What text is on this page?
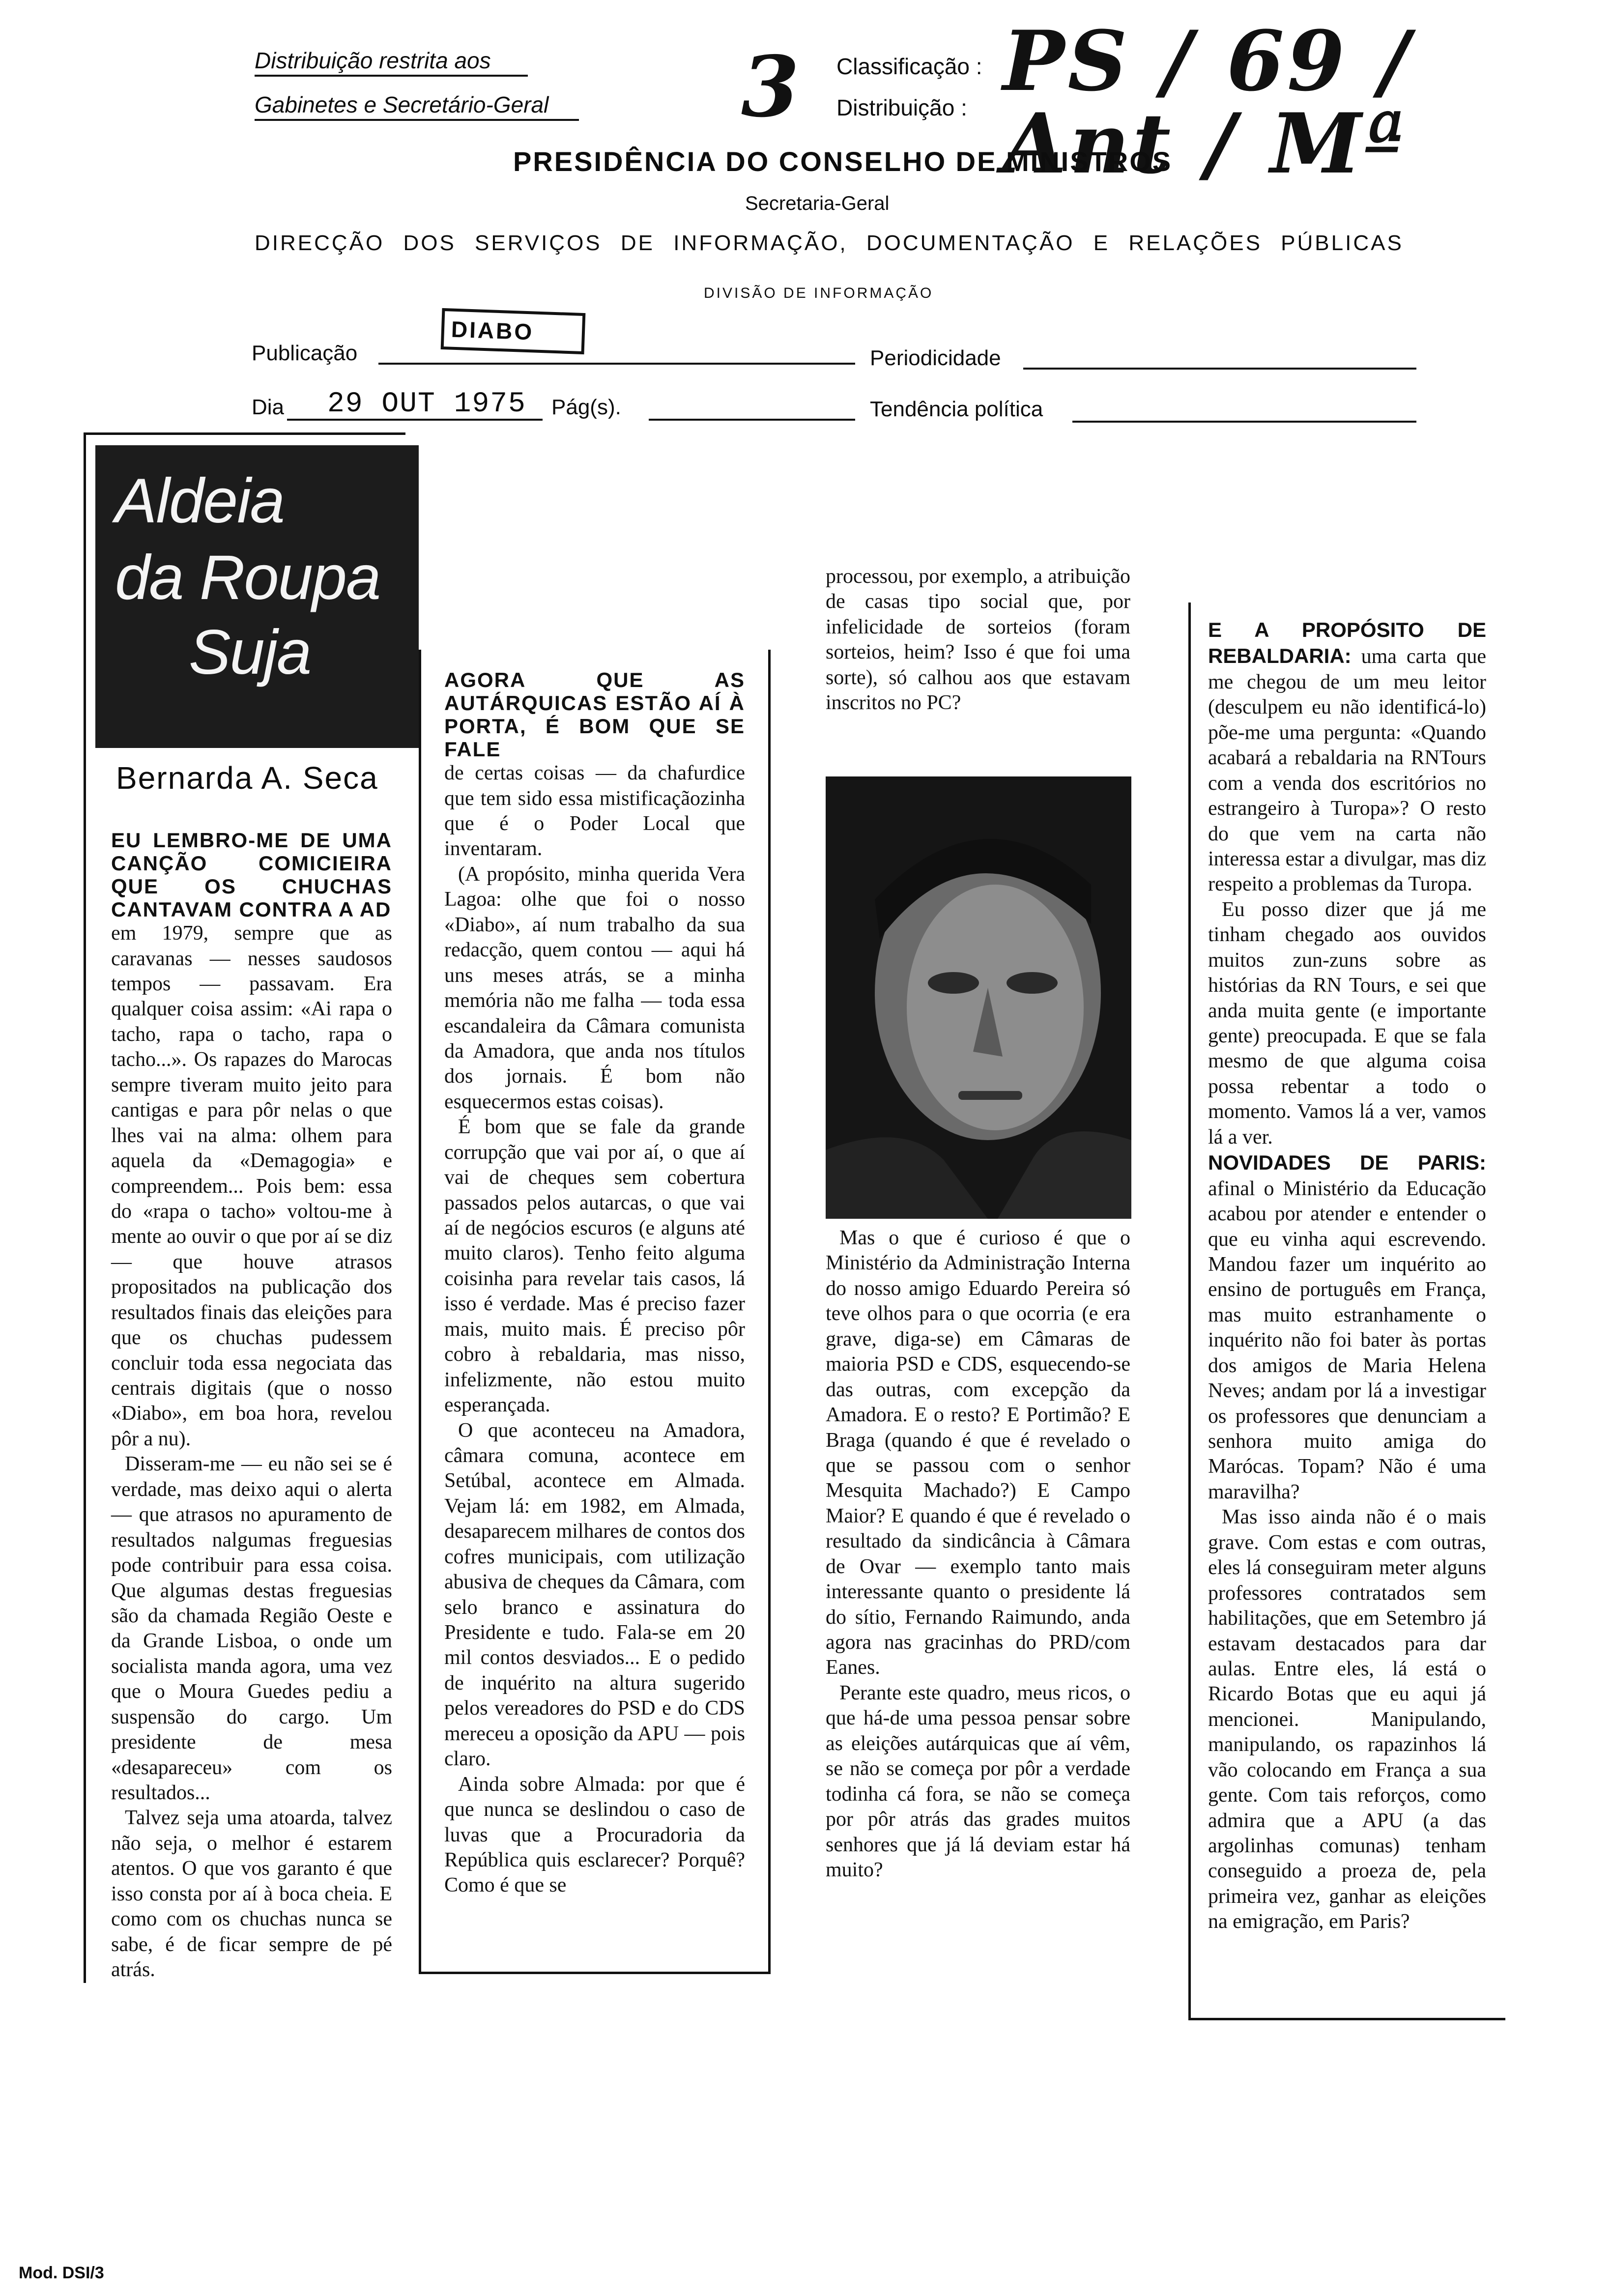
Distribuição restrita aos
Gabinetes e Secretário-Geral 3 Classificação :
Distribuição : PS / 69 / Ant / Mª
PRESIDÊNCIA DO CONSELHO DE MINISTROS
Secretaria-Geral
DIRECÇÃO DOS SERVIÇOS DE INFORMAÇÃO, DOCUMENTAÇÃO E RELAÇÕES PÚBLICAS
DIVISÃO DE INFORMAÇÃO
Publicação
DIABO
Periodicidade
Dia 29 OUT 1975 Pág(s).	Tendência política
Aldeia
da Roupa
Suja
Bernarda A. Seca

EU LEMBRO-ME DE UMA CANÇÃO COMICIEIRA QUE OS CHUCHAS CANTAVAM CONTRA A AD

em 1979, sempre que as caravanas — nesses saudosos tempos — passavam. Era qualquer coisa assim: «Ai rapa o tacho, rapa o tacho, rapa o tacho...». Os rapazes do Marocas sempre tiveram muito jeito para cantigas e para pôr nelas o que lhes vai na alma: olhem para aquela da «Demagogia» e compreendem... Pois bem: essa do «rapa o tacho» voltou-me à mente ao ouvir o que por aí se diz — que houve atrasos propositados na publicação dos resultados finais das eleições para que os chuchas pudessem concluir toda essa negociata das centrais digitais (que o nosso «Diabo», em boa hora, revelou pôr a nu).

Disseram-me — eu não sei se é verdade, mas deixo aqui o alerta — que atrasos no apuramento de resultados nalgumas freguesias pode contribuir para essa coisa. Que algumas destas freguesias são da chamada Região Oeste e da Grande Lisboa, o onde um socialista manda agora, uma vez que o Moura Guedes pediu a suspensão do cargo. Um presidente de mesa «desapareceu» com os resultados...

Talvez seja uma atoarda, talvez não seja, o melhor é estarem atentos. O que vos garanto é que isso consta por aí à boca cheia. E como com os chuchas nunca se sabe, é de ficar sempre de pé atrás.

AGORA QUE AS AUTÁRQUICAS ESTÃO AÍ À PORTA, É BOM QUE SE FALE

de certas coisas — da chafurdice que tem sido essa mistificaçãozinha que é o Poder Local que inventaram.

(A propósito, minha querida Vera Lagoa: olhe que foi o nosso «Diabo», aí num trabalho da sua redacção, quem contou — aqui há uns meses atrás, se a minha memória não me falha — toda essa escandaleira da Câmara comunista da Amadora, que anda nos títulos dos jornais. É bom não esquecermos estas coisas).

É bom que se fale da grande corrupção que vai por aí, o que aí vai de cheques sem cobertura passados pelos autarcas, o que vai aí de negócios escuros (e alguns até muito claros). Tenho feito alguma coisinha para revelar tais casos, lá isso é verdade. Mas é preciso fazer mais, muito mais. É preciso pôr cobro à rebaldaria, mas nisso, infelizmente, não estou muito esperançada.

O que aconteceu na Amadora, câmara comuna, acontece em Setúbal, acontece em Almada. Vejam lá: em 1982, em Almada, desaparecem milhares de contos dos cofres municipais, com utilização abusiva de cheques da Câmara, com selo branco e assinatura do Presidente e tudo. Fala-se em 20 mil contos desviados... E o pedido de inquérito na altura sugerido pelos vereadores do PSD e do CDS mereceu a oposição da APU — pois claro.

Ainda sobre Almada: por que é que nunca se deslindou o caso de luvas que a Procuradoria da República quis esclarecer? Porquê? Como é que se

processou, por exemplo, a atribuição de casas tipo social que, por infelicidade de sorteios (foram sorteios, heim? Isso é que foi uma sorte), só calhou aos que estavam inscritos no PC?

Mas o que é curioso é que o Ministério da Administração Interna do nosso amigo Eduardo Pereira só teve olhos para o que ocorria (e era grave, diga-se) em Câmaras de maioria PSD e CDS, esquecendo-se das outras, com excepção da Amadora. E o resto? E Portimão? E Braga (quando é que é revelado o que se passou com o senhor Mesquita Machado?) E Campo Maior? E quando é que é revelado o resultado da sindicância à Câmara de Ovar — exemplo tanto mais interessante quanto o presidente lá do sítio, Fernando Raimundo, anda agora nas gracinhas do PRD/com Eanes.

Perante este quadro, meus ricos, o que há-de uma pessoa pensar sobre as eleições autárquicas que aí vêm, se não se começa por pôr a verdade todinha cá fora, se não se começa por pôr atrás das grades muitos senhores que já lá deviam estar há muito?

E A PROPÓSITO DE REBALDARIA: uma carta que me chegou de um meu leitor (desculpem eu não identificá-lo) põe-me uma pergunta: «Quando acabará a rebaldaria na RNTours com a venda dos escritórios no estrangeiro à Turopa»? O resto do que vem na carta não interessa estar a divulgar, mas diz respeito a problemas da Turopa.

Eu posso dizer que já me tinham chegado aos ouvidos muitos zun-zuns sobre as histórias da RN Tours, e sei que anda muita gente (e importante gente) preocupada. E que se fala mesmo de que alguma coisa possa rebentar a todo o momento. Vamos lá a ver, vamos lá a ver.

NOVIDADES DE PARIS: afinal o Ministério da Educação acabou por atender e entender o que eu vinha aqui escrevendo. Mandou fazer um inquérito ao ensino de português em França, mas muito estranhamente o inquérito não foi bater às portas dos amigos de Maria Helena Neves; andam por lá a investigar os professores que denunciam a senhora muito amiga do Marócas. Topam? Não é uma maravilha?

Mas isso ainda não é o mais grave. Com estas e com outras, eles lá conseguiram meter alguns professores contratados sem habilitações, que em Setembro já estavam destacados para dar aulas. Entre eles, lá está o Ricardo Botas que eu aqui já mencionei. Manipulando, manipulando, os rapazinhos lá vão colocando em França a sua gente. Com tais reforços, como admira que a APU (a das argolinhas comunas) tenham conseguido a proeza de, pela primeira vez, ganhar as eleições na emigração, em Paris?

Mod. DSI/3
